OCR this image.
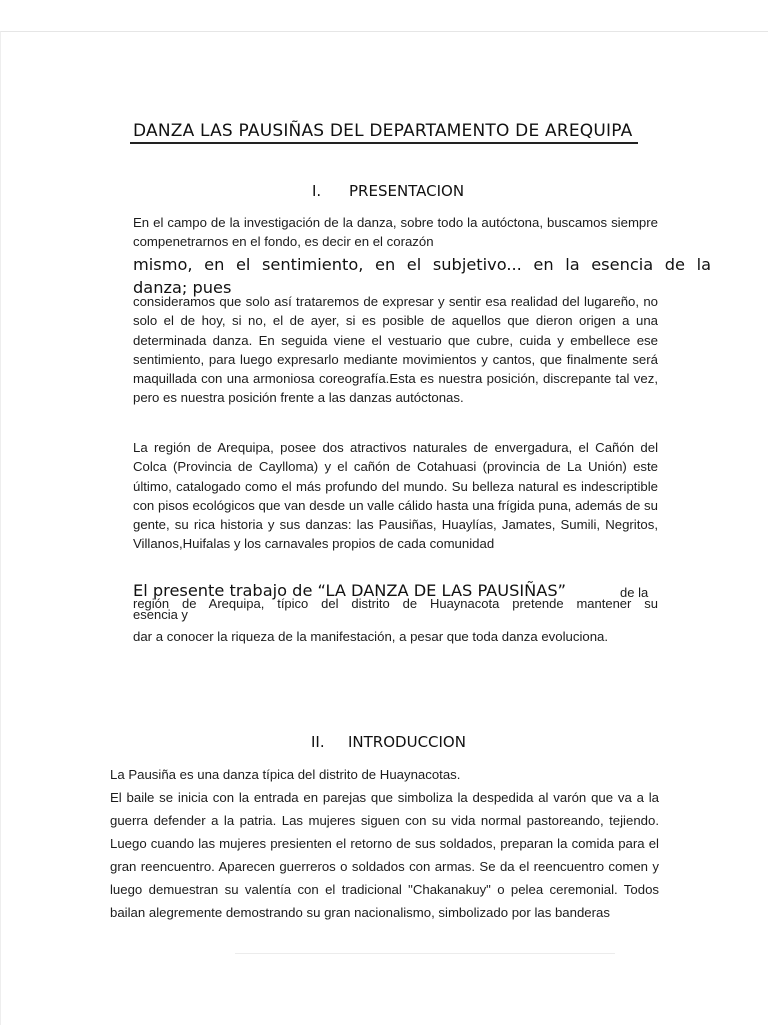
DANZA LAS PAUSIÑAS DEL DEPARTAMENTO DE AREQUIPA
I. PRESENTACION
En el campo de la investigación de la danza, sobre todo la autóctona, buscamos siempre compenetrarnos en el fondo, es decir en el corazón
mismo, en el sentimiento, en el subjetivo... en la esencia de la
danza; pues
consideramos que solo así trataremos de expresar y sentir esa realidad del lugareño, no solo el de hoy, si no, el de ayer, si es posible de aquellos que dieron origen a una determinada danza. En seguida viene el vestuario que cubre, cuida y embellece ese sentimiento, para luego expresarlo mediante movimientos y cantos, que finalmente será maquillada con una armoniosa coreografía.Esta es nuestra posición, discrepante tal vez, pero es nuestra posición frente a las danzas autóctonas.
La región de Arequipa, posee dos atractivos naturales de envergadura, el Cañón del Colca (Provincia de Caylloma) y el cañón de Cotahuasi (provincia de La Unión) este último, catalogado como el más profundo del mundo. Su belleza natural es indescriptible con pisos ecológicos que van desde un valle cálido hasta una frígida puna, además de su gente, su rica historia y sus danzas: las Pausiñas, Huaylías, Jamates, Sumili, Negritos, Villanos,Huifalas y los carnavales propios de cada comunidad
El presente trabajo de “LA DANZA DE LAS PAUSIÑAS”	de la
región de Arequipa, típico del distrito de Huaynacota pretende mantener su
esencia y
dar a conocer la riqueza de la manifestación, a pesar que toda danza evoluciona.
II. INTRODUCCION
La Pausiña es una danza típica del distrito de Huaynacotas.
El baile se inicia con la entrada en parejas que simboliza la despedida al varón que va a la guerra defender a la patria. Las mujeres siguen con su vida normal pastoreando, tejiendo. Luego cuando las mujeres presienten el retorno de sus soldados, preparan la comida para el gran reencuentro. Aparecen guerreros o soldados con armas. Se da el reencuentro comen y luego demuestran su valentía con el tradicional "Chakanakuy" o pelea ceremonial. Todos bailan alegremente demostrando su gran nacionalismo, simbolizado por las banderas
